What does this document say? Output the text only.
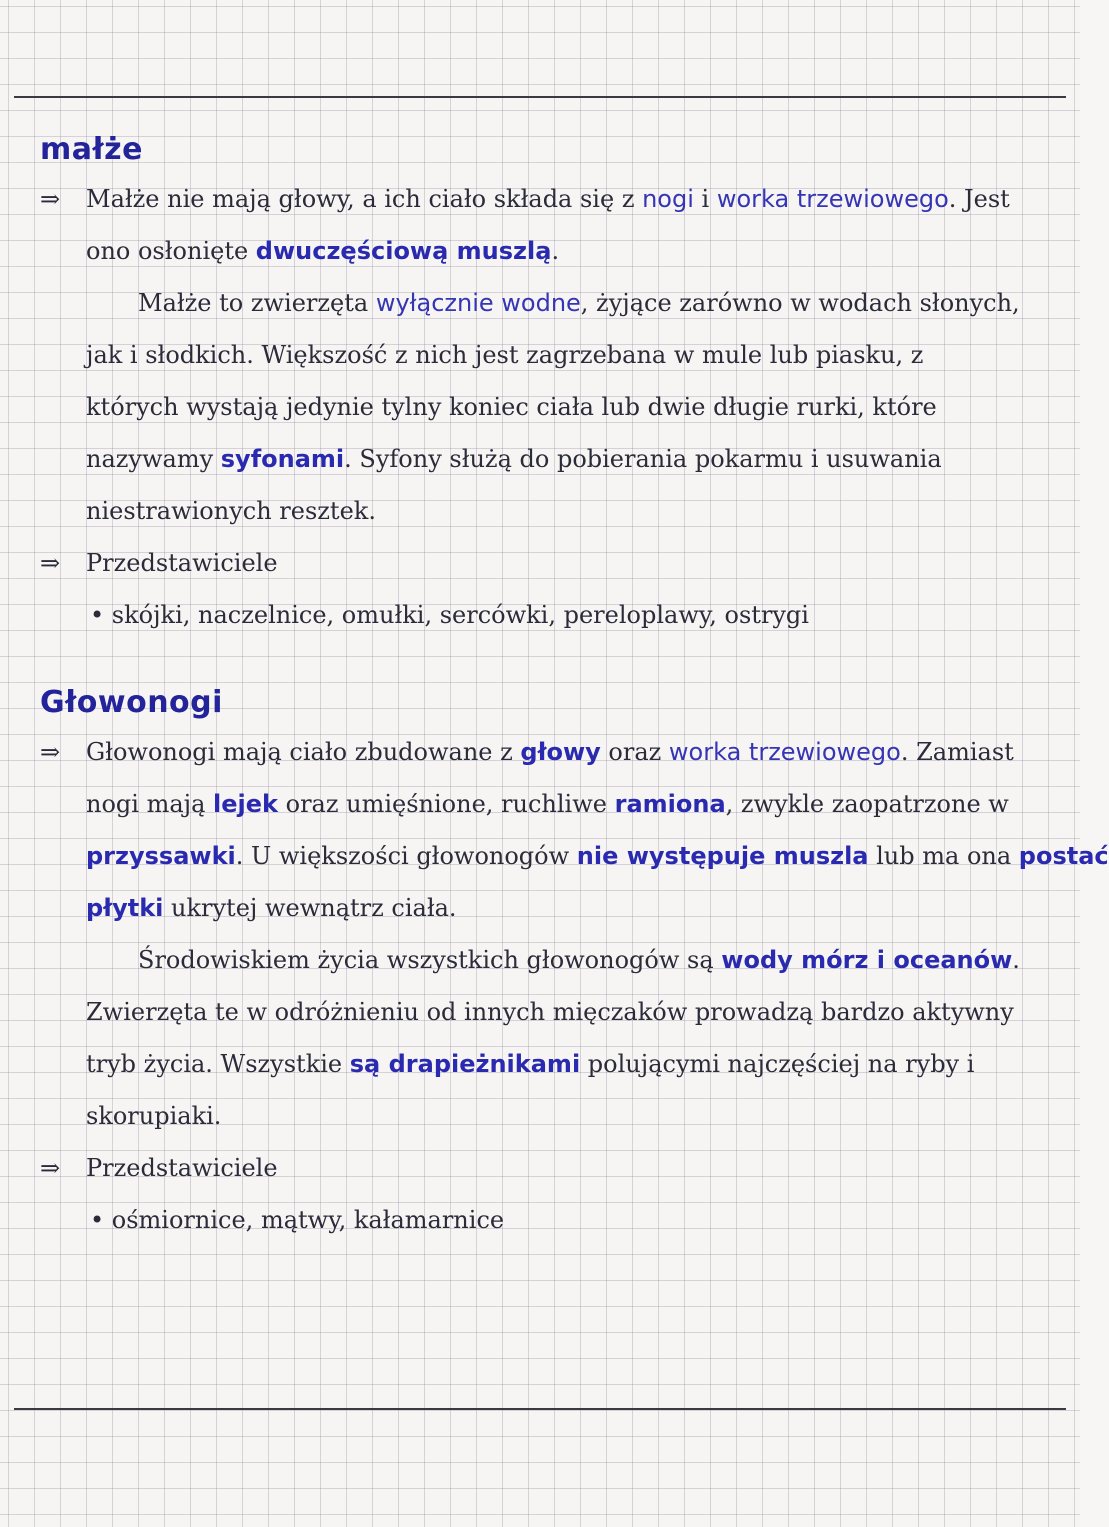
małże
⇒ Małże nie mają głowy, a ich ciało składa się z nogi i worka trzewiowego. Jest
ono osłonięte dwuczęściową muszlą.
Małże to zwierzęta wyłącznie wodne, żyjące zarówno w wodach słonych,
jak i słodkich. Większość z nich jest zagrzebana w mule lub piasku, z
których wystają jedynie tylny koniec ciała lub dwie długie rurki, które
nazywamy syfonami. Syfony służą do pobierania pokarmu i usuwania
niestrawionych resztek.
⇒ Przedstawiciele
• skójki, naczelnice, omułki, sercówki, pereloplawy, ostrygi
Głowonogi
⇒ Głowonogi mają ciało zbudowane z głowy oraz worka trzewiowego. Zamiast
nogi mają lejek oraz umięśnione, ruchliwe ramiona, zwykle zaopatrzone w
przyssawki. U większości głowonogów nie występuje muszla lub ma ona postać
płytki ukrytej wewnątrz ciała.
Środowiskiem życia wszystkich głowonogów są wody mórz i oceanów.
Zwierzęta te w odróżnieniu od innych mięczaków prowadzą bardzo aktywny
tryb życia. Wszystkie są drapieżnikami polującymi najczęściej na ryby i
skorupiaki.
⇒ Przedstawiciele
• ośmiornice, mątwy, kałamarnice
